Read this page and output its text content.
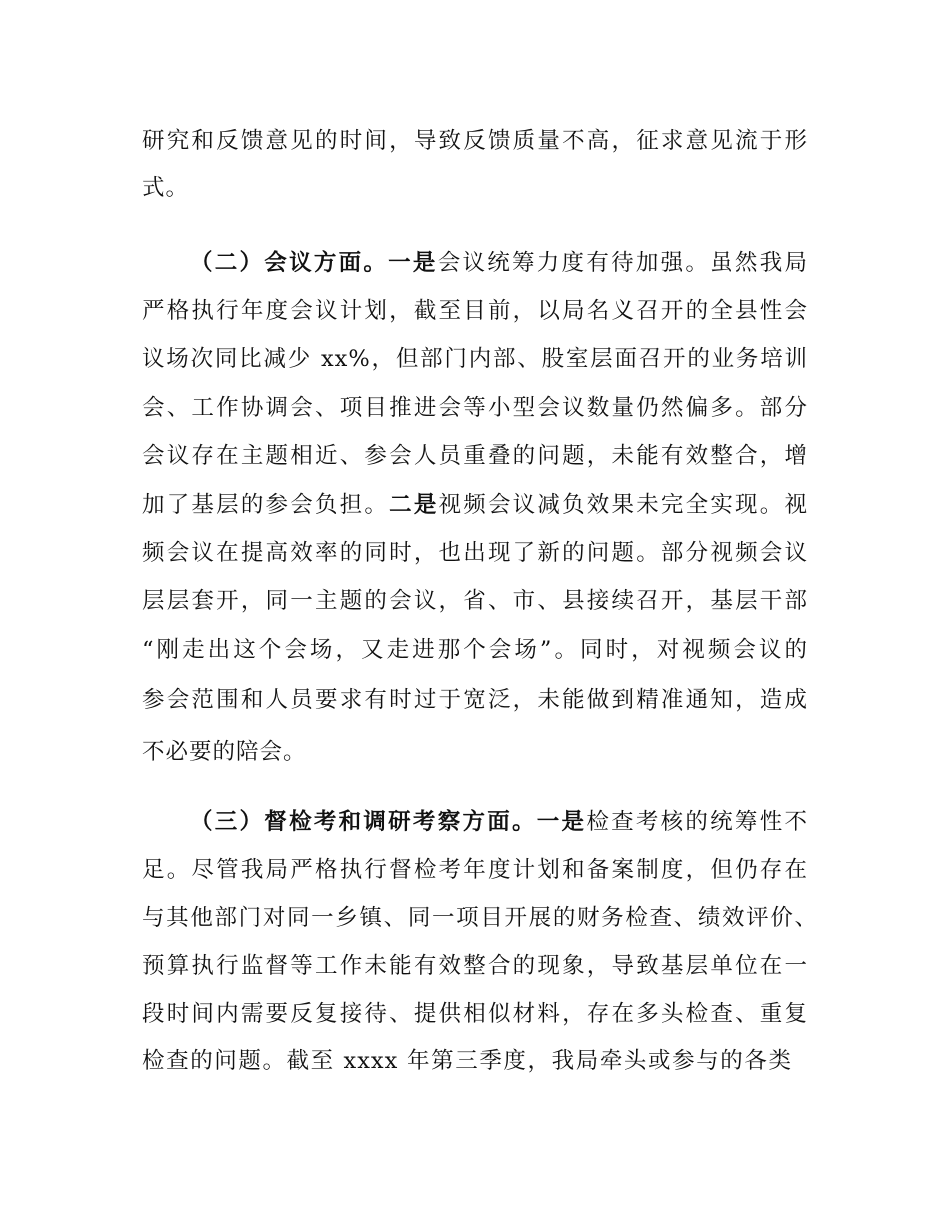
研究和反馈意见的时间，导致反馈质量不高，征求意见流于形
式。
（二）会议方面。一是会议统筹力度有待加强。虽然我局
严格执行年度会议计划，截至目前，以局名义召开的全县性会
议场次同比减少 xx%，但部门内部、股室层面召开的业务培训
会、工作协调会、项目推进会等小型会议数量仍然偏多。部分
会议存在主题相近、参会人员重叠的问题，未能有效整合，增
加了基层的参会负担。二是视频会议减负效果未完全实现。视
频会议在提高效率的同时，也出现了新的问题。部分视频会议
层层套开，同一主题的会议，省、市、县接续召开，基层干部
“刚走出这个会场，又走进那个会场”。同时，对视频会议的
参会范围和人员要求有时过于宽泛，未能做到精准通知，造成
不必要的陪会。
（三）督检考和调研考察方面。一是检查考核的统筹性不
足。尽管我局严格执行督检考年度计划和备案制度，但仍存在
与其他部门对同一乡镇、同一项目开展的财务检查、绩效评价、
预算执行监督等工作未能有效整合的现象，导致基层单位在一
段时间内需要反复接待、提供相似材料，存在多头检查、重复
检查的问题。截至 xxxx 年第三季度，我局牵头或参与的各类
